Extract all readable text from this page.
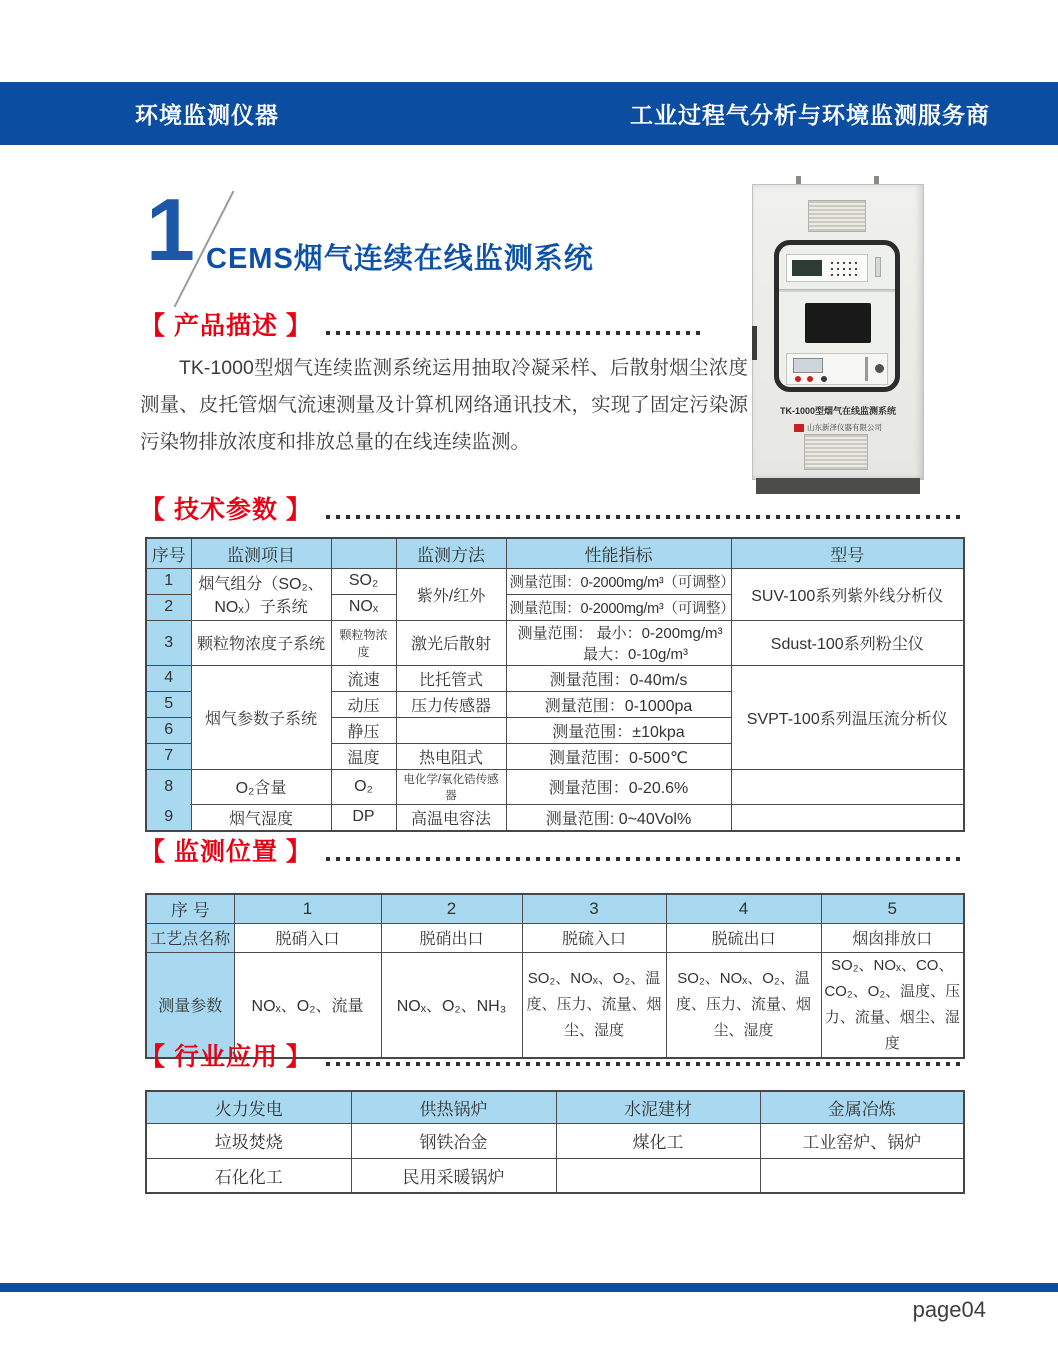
环境监测仪器	工业过程气分析与环境监测服务商
1 CEMS烟气连续在线监测系统
TK-1000型烟气在线监测系统
山东新泽仪器有限公司
【 产品描述 】

TK-1000型烟气连续监测系统运用抽取冷凝采样、后散射烟尘浓度测量、皮托管烟气流速测量及计算机网络通讯技术，实现了固定污染源污染物排放浓度和排放总量的在线连续监测。

【 技术参数 】
序号	监测项目		监测方法	性能指标	型号
1	烟气组分（SO₂、NOₓ）子系统	SO₂	紫外/红外	测量范围：0-2000mg/m³（可调整）	SUV-100系列紫外线分析仪
2		NOₓ		测量范围：0-2000mg/m³（可调整）	
3	颗粒物浓度子系统	颗粒物浓度	激光后散射	测量范围： 最小：0-200mg/m³
最大：0-10g/m³	Sdust-100系列粉尘仪
4	烟气参数子系统	流速	比托管式	测量范围：0-40m/s	SVPT-100系列温压流分析仪
5		动压	压力传感器	测量范围：0-1000pa	
6		静压		测量范围：±10kpa	
7		温度	热电阻式	测量范围：0-500℃	
8	O₂含量	O₂	电化学/氧化锆传感器	测量范围：0-20.6%	
9	烟气湿度	DP	高温电容法	测量范围: 0~40Vol%	
【 监测位置 】
序 号	1	2	3	4	5
工艺点名称	脱硝入口	脱硝出口	脱硫入口	脱硫出口	烟囱排放口
测量参数	NOₓ、O₂、流量	NOₓ、O₂、NH₃	SO₂、NOₓ、O₂、温度、压力、流量、烟尘、湿度	SO₂、NOₓ、O₂、温度、压力、流量、烟尘、湿度	SO₂、NOₓ、CO、CO₂、O₂、温度、压力、流量、烟尘、湿度
【 行业应用 】
火力发电	供热锅炉	水泥建材	金属冶炼
垃圾焚烧	钢铁冶金	煤化工	工业窑炉、锅炉
石化化工	民用采暖锅炉		
page04
